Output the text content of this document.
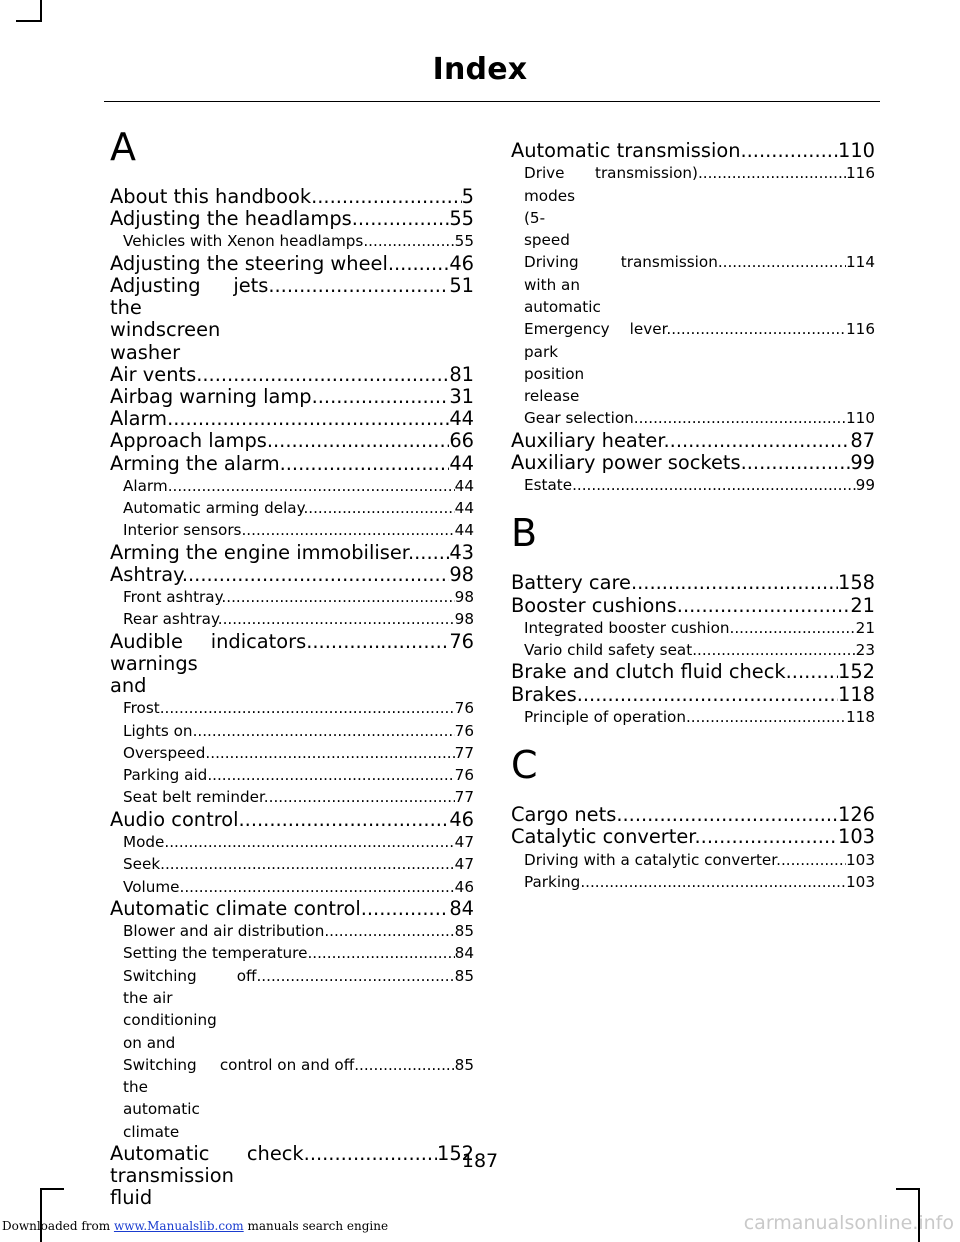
Index
A
About this handbook .....	5
Adjusting the headlamps .....	55
Vehicles with Xenon headlamps .....	55
Adjusting the steering wheel .....	46
Adjusting the windscreen washer
jets .....	51
Air vents .....	81
Airbag warning lamp .....	31
Alarm .....	44
Approach lamps .....	66
Arming the alarm .....	44
Alarm .....	44
Automatic arming delay .....	44
Interior sensors .....	44
Arming the engine immobiliser .....	43
Ashtray .....	98
Front ashtray .....	98
Rear ashtray .....	98
Audible warnings and
indicators .....	76
Frost .....	76
Lights on .....	76
Overspeed .....	77
Parking aid .....	76
Seat belt reminder .....	77
Audio control .....	46
Mode .....	47
Seek .....	47
Volume .....	46
Automatic climate control .....	84
Blower and air distribution .....	85
Setting the temperature .....	84
Switching the air conditioning on and
off .....	85
Switching the automatic climate
control on and off .....	85
Automatic transmission fluid
check .....	152
Automatic transmission .....	110
Drive modes (5-speed
transmission) .....	116
Driving with an automatic
transmission .....	114
Emergency park position release
lever .....	116
Gear selection .....	110
Auxiliary heater .....	87
Auxiliary power sockets .....	99
Estate .....	99
B
Battery care .....	158
Booster cushions .....	21
Integrated booster cushion .....	21
Vario child safety seat .....	23
Brake and clutch fluid check .....	152
Brakes .....	118
Principle of operation .....	118
C
Cargo nets .....	126
Catalytic converter .....	103
Driving with a catalytic converter .....	103
Parking .....	103
187
Downloaded from www.Manualslib.com manuals search engine	carmanualsonline.info
